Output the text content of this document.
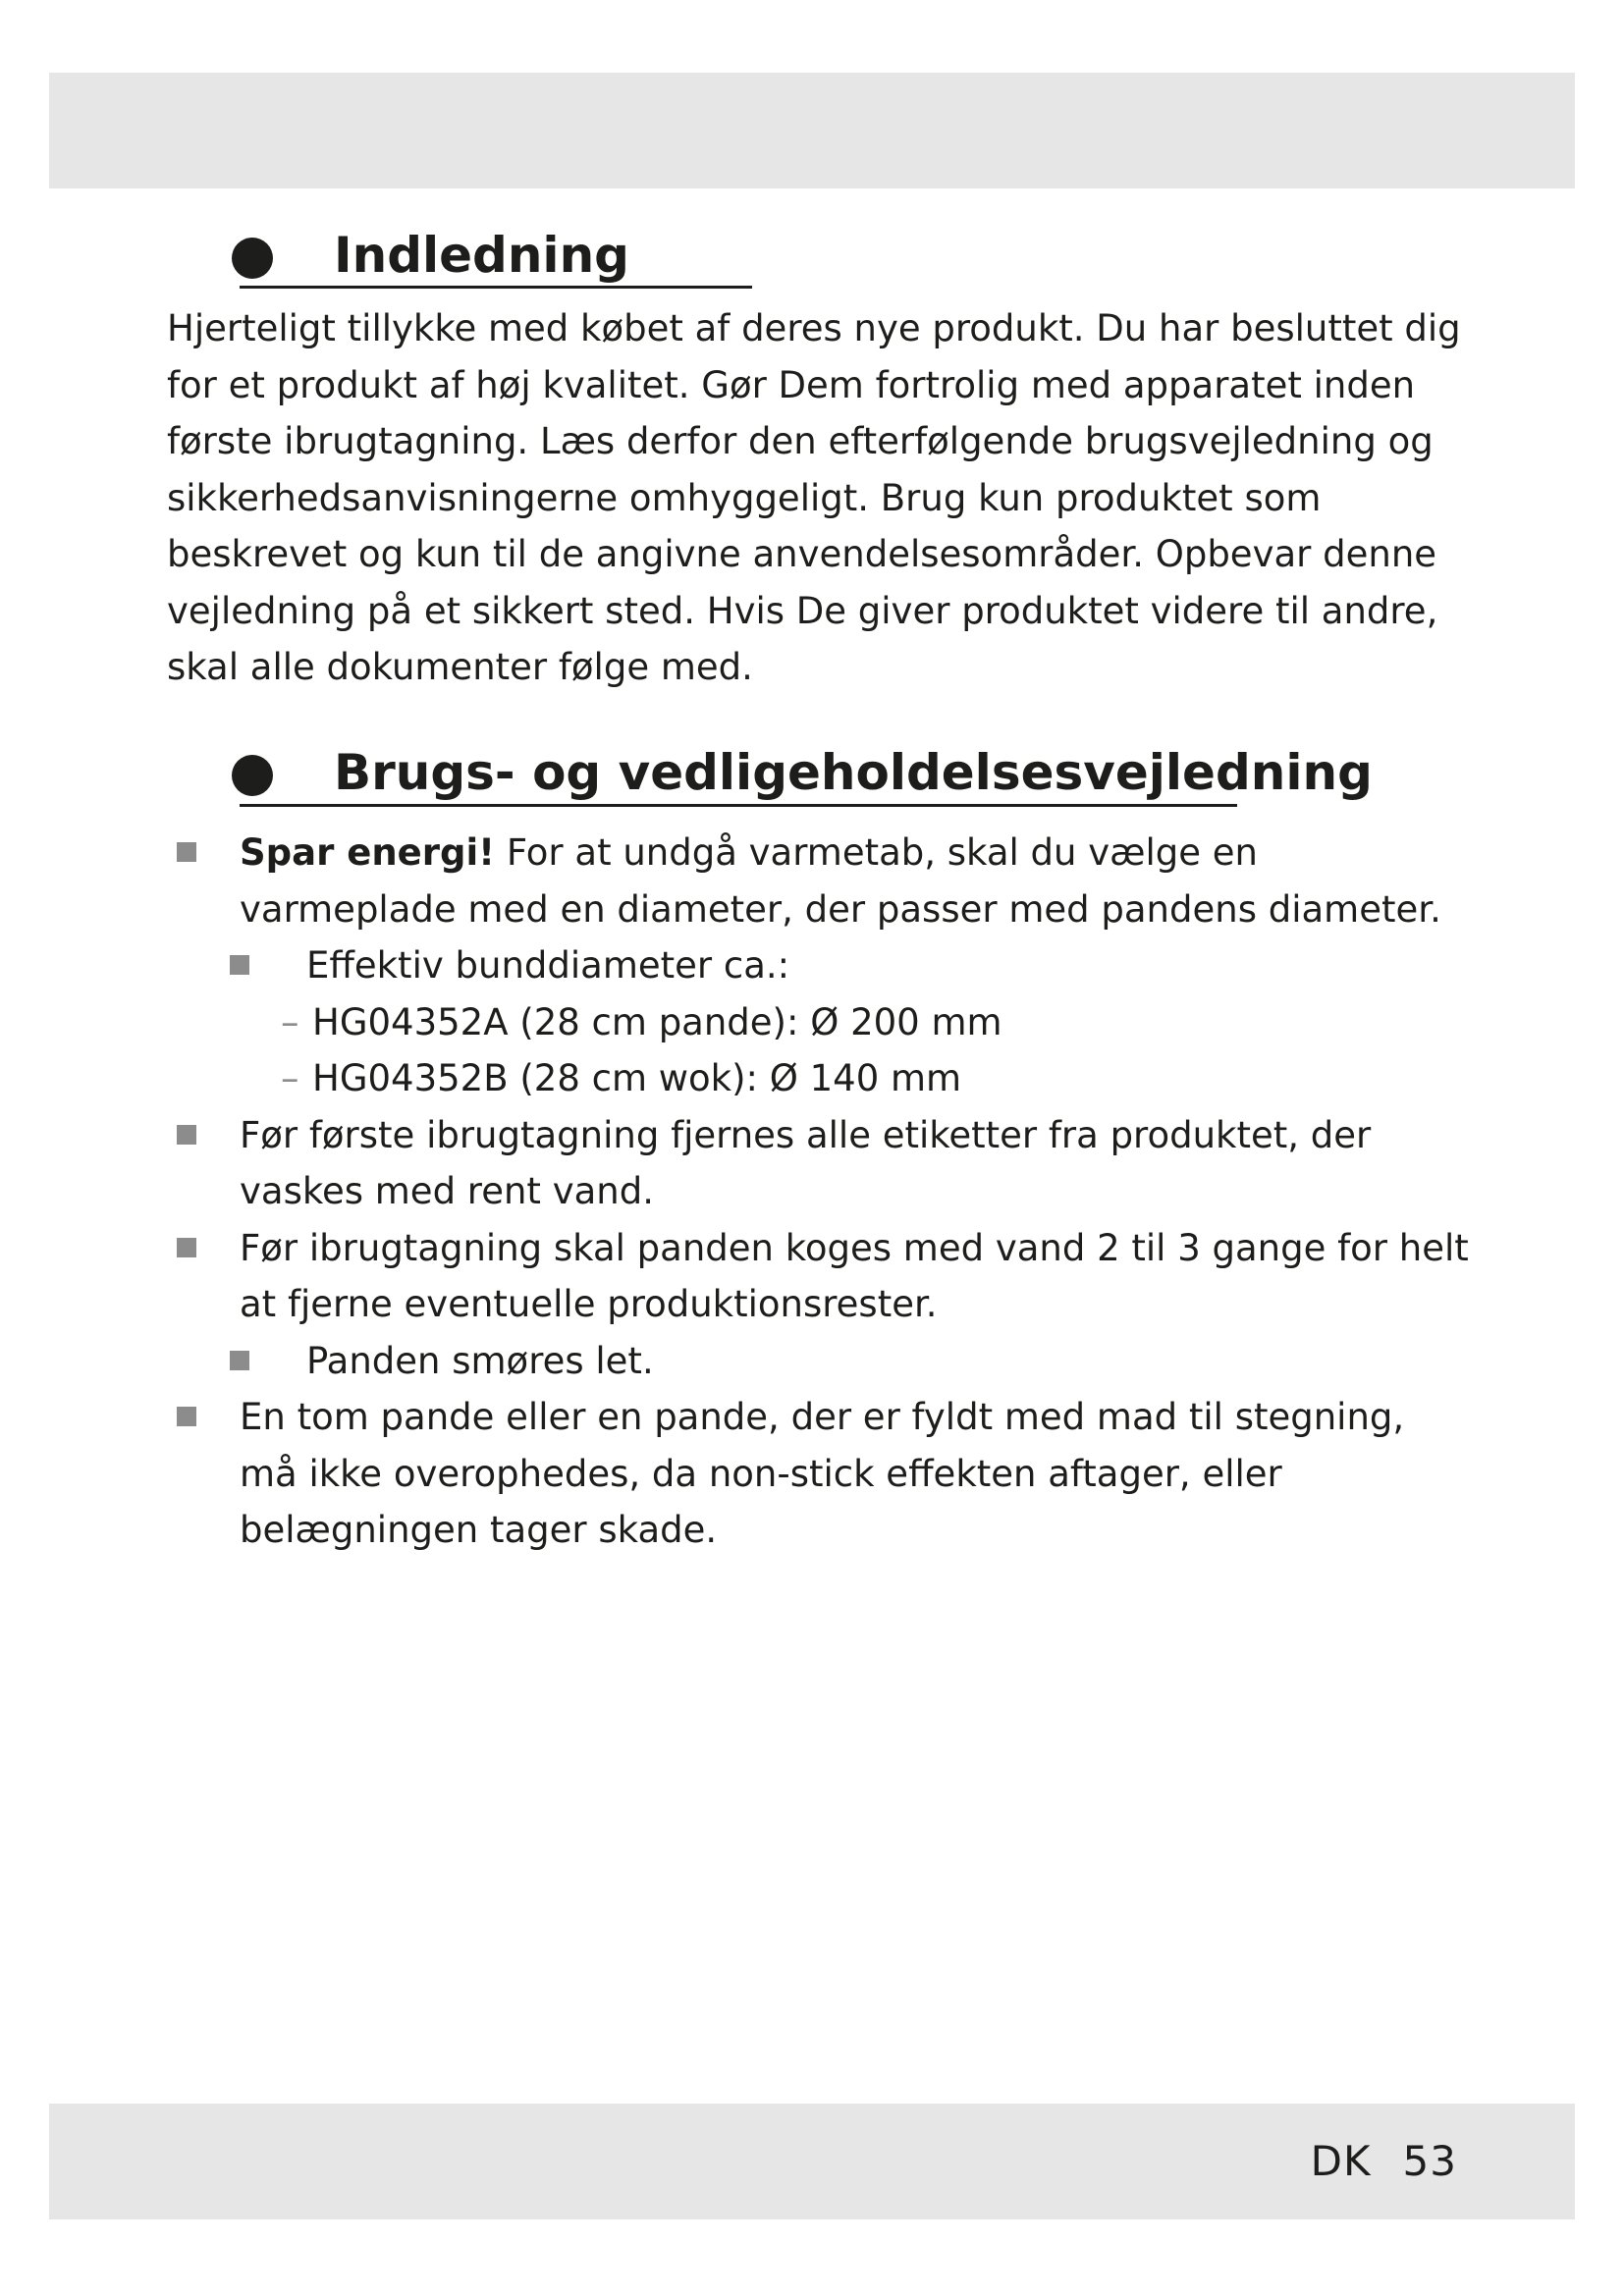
Indledning

Hjerteligt tillykke med købet af deres nye produkt. Du har besluttet dig for et produkt af høj kvalitet. Gør Dem fortrolig med apparatet inden første ibrugtagning. Læs derfor den efterfølgende brugsvejledning og sikkerhedsanvisningerne omhyggeligt. Brug kun produktet som beskrevet og kun til de angivne anvendelsesområder. Opbevar denne vejledning på et sikkert sted. Hvis De giver produktet videre til andre, skal alle dokumenter følge med.

Brugs- og vedligeholdelsesvejledning
Spar energi! For at undgå varmetab, skal du vælge en varmeplade med en diameter, der passer med pandens diameter.
Effektiv bunddiameter ca.:
– HG04352A (28 cm pande): Ø 200 mm
– HG04352B (28 cm wok): Ø 140 mm
Før første ibrugtagning fjernes alle etiketter fra produktet, der vaskes med rent vand.
Før ibrugtagning skal panden koges med vand 2 til 3 gange for helt at fjerne eventuelle produktionsrester.
Panden smøres let.
En tom pande eller en pande, der er fyldt med mad til stegning, må ikke overophedes, da non-stick effekten aftager, eller belægningen tager skade.
DK 53
